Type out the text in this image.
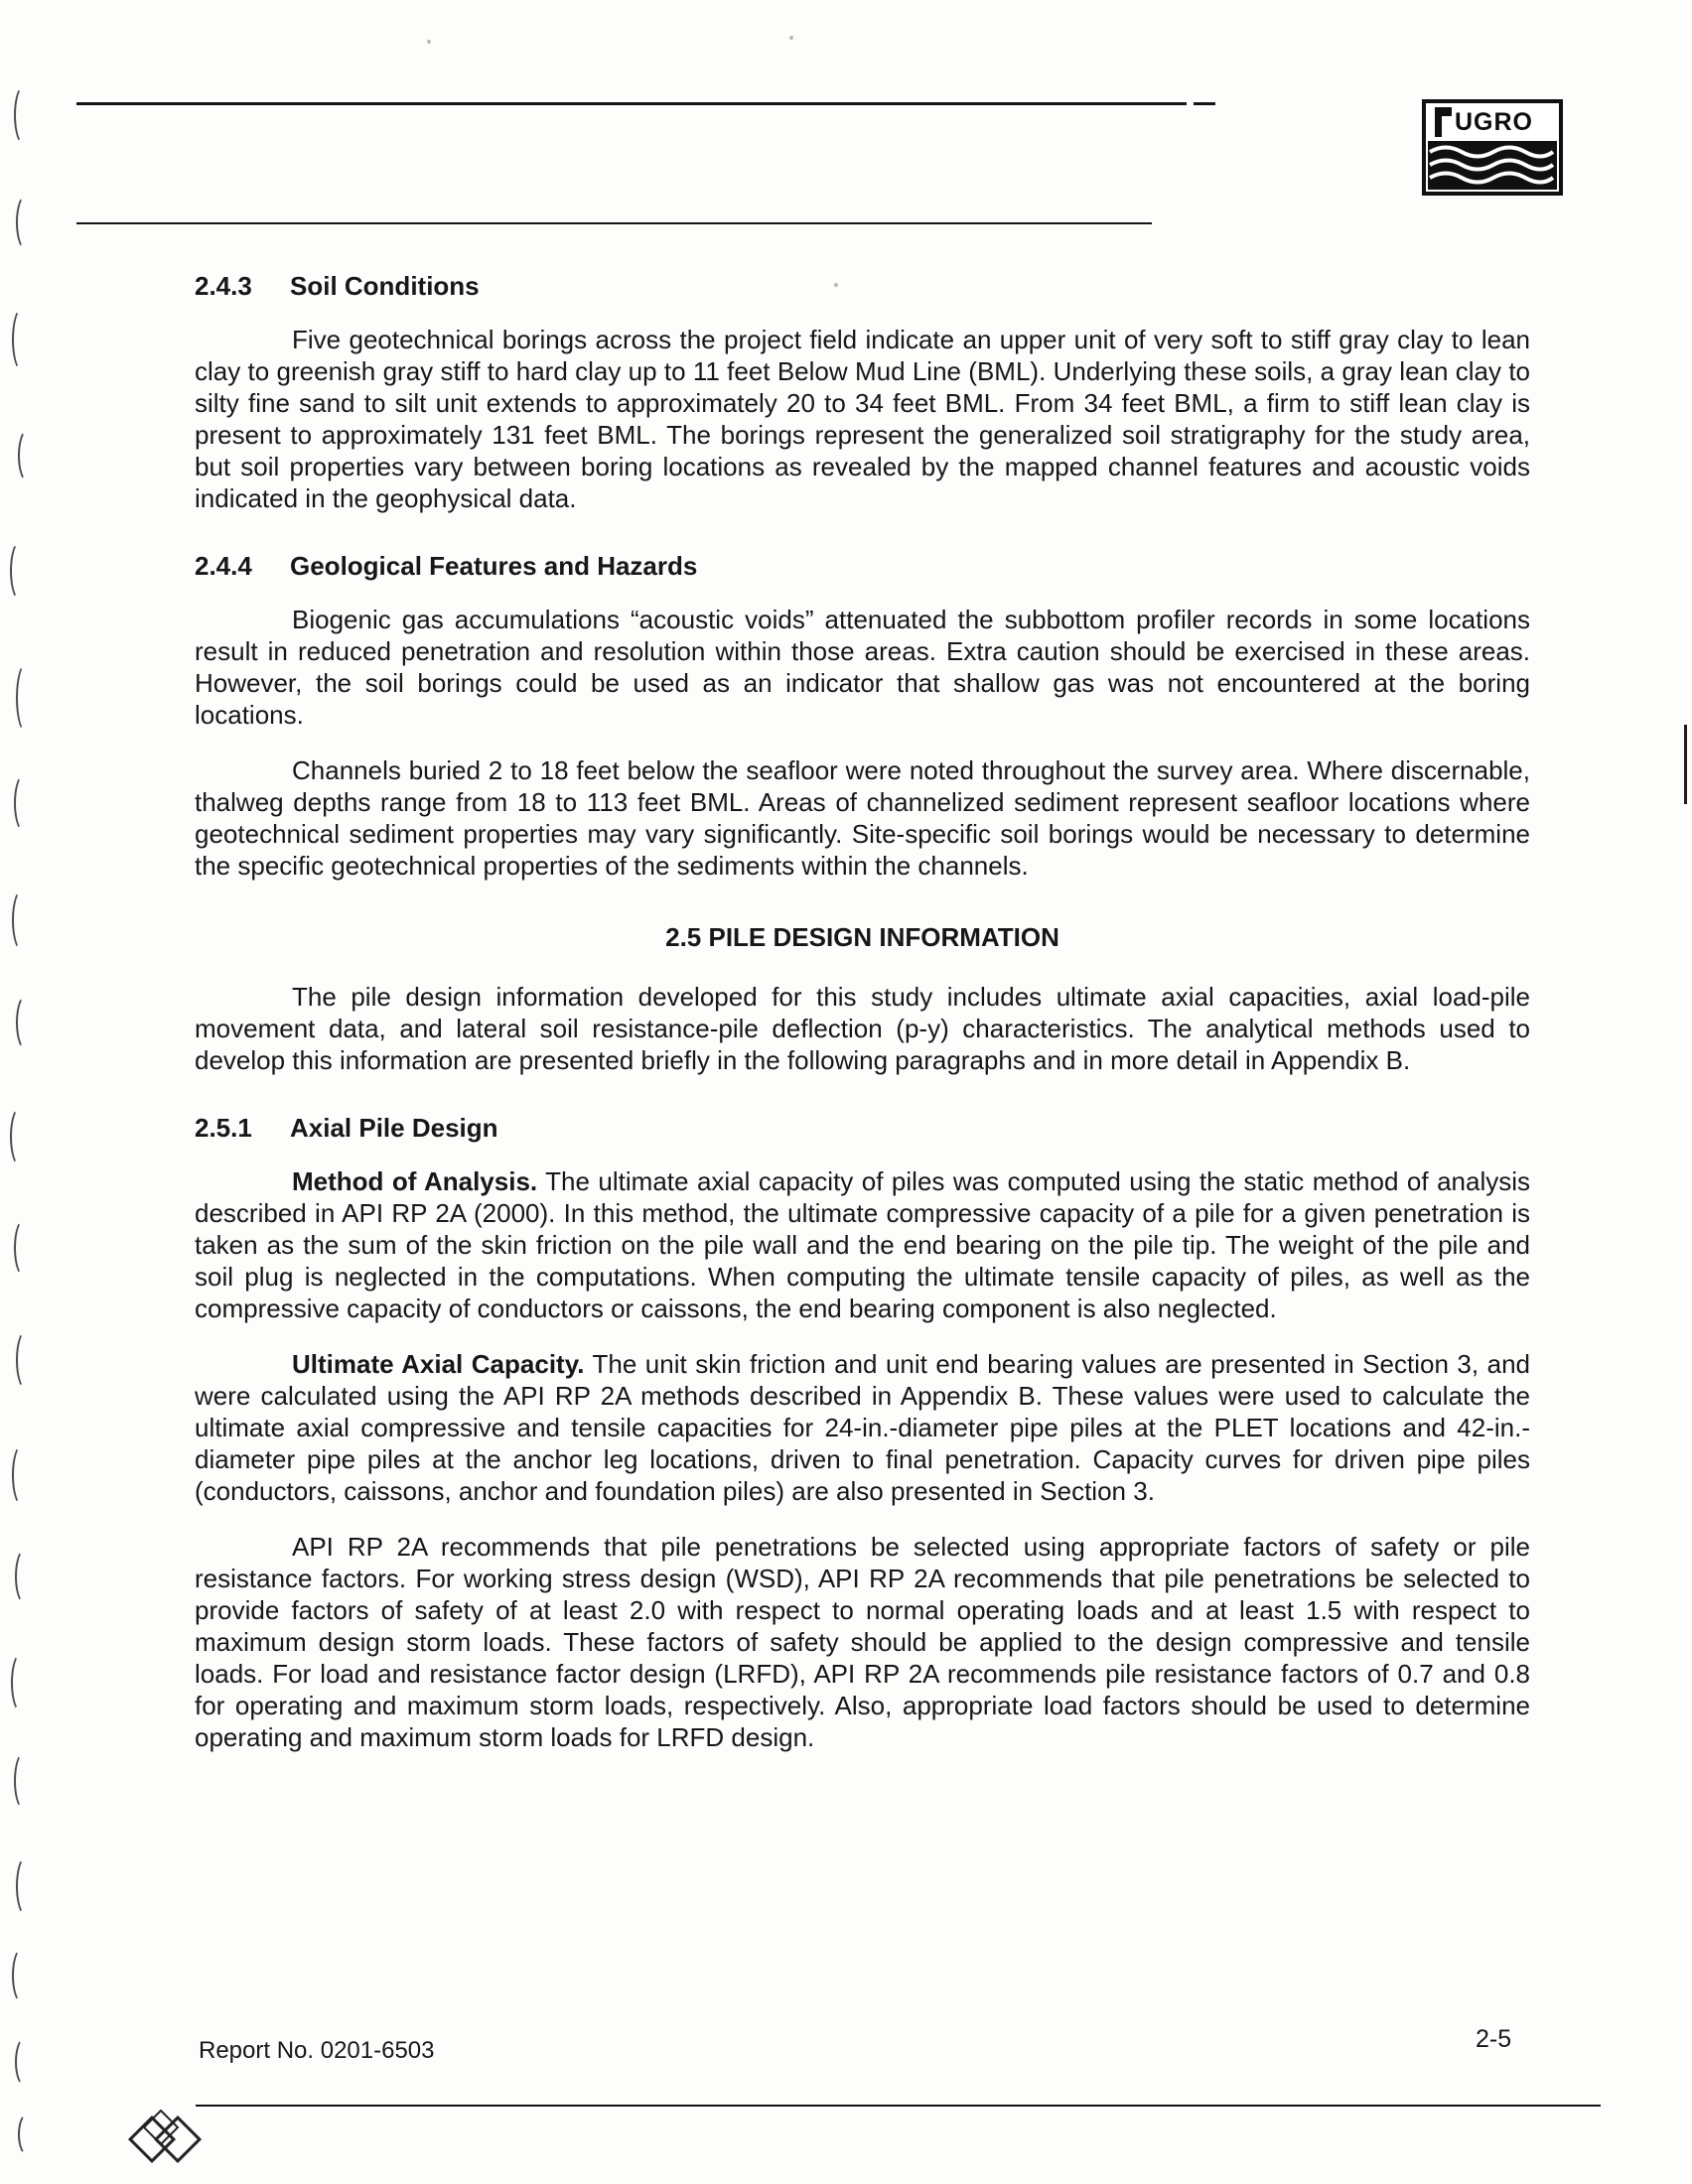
UGRO
2.4.3 Soil Conditions

Five geotechnical borings across the project field indicate an upper unit of very soft to stiff gray clay to lean clay to greenish gray stiff to hard clay up to 11 feet Below Mud Line (BML). Underlying these soils, a gray lean clay to silty fine sand to silt unit extends to approximately 20 to 34 feet BML. From 34 feet BML, a firm to stiff lean clay is present to approximately 131 feet BML. The borings represent the generalized soil stratigraphy for the study area, but soil properties vary between boring locations as revealed by the mapped channel features and acoustic voids indicated in the geophysical data.

2.4.4 Geological Features and Hazards

Biogenic gas accumulations “acoustic voids” attenuated the subbottom profiler records in some locations result in reduced penetration and resolution within those areas. Extra caution should be exercised in these areas. However, the soil borings could be used as an indicator that shallow gas was not encountered at the boring locations.

Channels buried 2 to 18 feet below the seafloor were noted throughout the survey area. Where discernable, thalweg depths range from 18 to 113 feet BML. Areas of channelized sediment represent seafloor locations where geotechnical sediment properties may vary significantly. Site-specific soil borings would be necessary to determine the specific geotechnical properties of the sediments within the channels.

2.5 PILE DESIGN INFORMATION

The pile design information developed for this study includes ultimate axial capacities, axial load-pile movement data, and lateral soil resistance-pile deflection (p-y) characteristics. The analytical methods used to develop this information are presented briefly in the following paragraphs and in more detail in Appendix B.

2.5.1 Axial Pile Design

Method of Analysis. The ultimate axial capacity of piles was computed using the static method of analysis described in API RP 2A (2000). In this method, the ultimate compressive capacity of a pile for a given penetration is taken as the sum of the skin friction on the pile wall and the end bearing on the pile tip. The weight of the pile and soil plug is neglected in the computations. When computing the ultimate tensile capacity of piles, as well as the compressive capacity of conductors or caissons, the end bearing component is also neglected.

Ultimate Axial Capacity. The unit skin friction and unit end bearing values are presented in Section 3, and were calculated using the API RP 2A methods described in Appendix B. These values were used to calculate the ultimate axial compressive and tensile capacities for 24-in.-diameter pipe piles at the PLET locations and 42-in.-diameter pipe piles at the anchor leg locations, driven to final penetration. Capacity curves for driven pipe piles (conductors, caissons, anchor and foundation piles) are also presented in Section 3.

API RP 2A recommends that pile penetrations be selected using appropriate factors of safety or pile resistance factors. For working stress design (WSD), API RP 2A recommends that pile penetrations be selected to provide factors of safety of at least 2.0 with respect to normal operating loads and at least 1.5 with respect to maximum design storm loads. These factors of safety should be applied to the design compressive and tensile loads. For load and resistance factor design (LRFD), API RP 2A recommends pile resistance factors of 0.7 and 0.8 for operating and maximum storm loads, respectively. Also, appropriate load factors should be used to determine operating and maximum storm loads for LRFD design.

Report No. 0201-6503	2-5
